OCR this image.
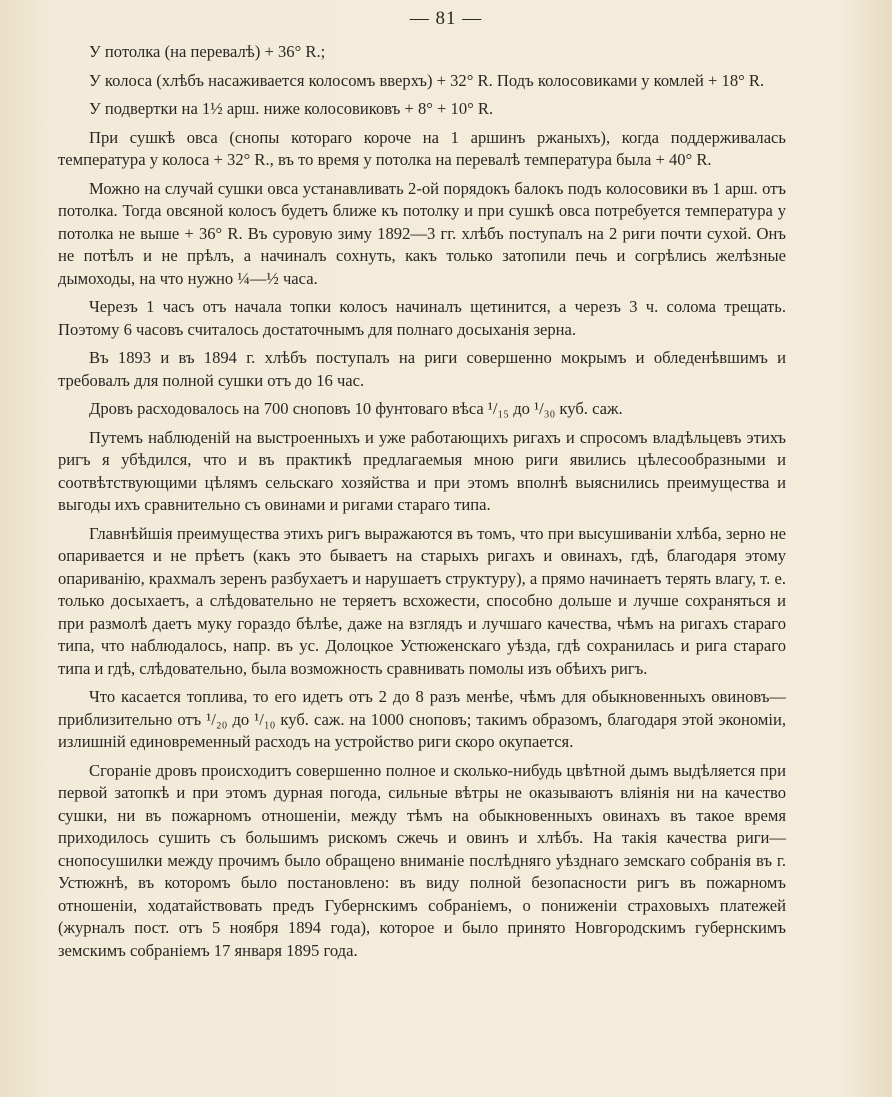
— 81 —

У потолка (на перевалѣ) + 36° R.;

У колоса (хлѣбъ насаживается колосомъ вверхъ) + 32° R. Подъ колосовиками у комлей + 18° R.

У подвертки на 1½ арш. ниже колосовиковъ + 8° + 10° R.

При сушкѣ овса (снопы котораго короче на 1 аршинъ ржаныхъ), когда поддерживалась температура у колоса + 32° R., въ то время у потолка на перевалѣ температура была + 40° R.

Можно на случай сушки овса устанавливать 2-ой порядокъ балокъ подъ колосовики въ 1 арш. отъ потолка. Тогда овсяной колосъ будетъ ближе къ потолку и при сушкѣ овса потребуется температура у потолка не выше + 36° R. Въ суровую зиму 1892—3 гг. хлѣбъ поступалъ на 2 риги почти сухой. Онъ не потѣлъ и не прѣлъ, а начиналъ сохнуть, какъ только затопили печь и согрѣлись желѣзные дымоходы, на что нужно ¼—½ часа.

Черезъ 1 часъ отъ начала топки колосъ начиналъ щетинится, а черезъ 3 ч. солома трещать. Поэтому 6 часовъ считалось достаточнымъ для полнаго досыханія зерна.

Въ 1893 и въ 1894 г. хлѣбъ поступалъ на риги совершенно мокрымъ и обледенѣвшимъ и требовалъ для полной сушки отъ до 16 час.

Дровъ расходовалось на 700 сноповъ 10 фунтоваго вѣса ¹/₁₅ до ¹/₃₀ куб. саж.

Путемъ наблюденій на выстроенныхъ и уже работающихъ ригахъ и спросомъ владѣльцевъ этихъ ригъ я убѣдился, что и въ практикѣ предлагаемыя мною риги явились цѣлесообразными и соотвѣтствующими цѣлямъ сельскаго хозяйства и при этомъ вполнѣ выяснились преимущества и выгоды ихъ сравнительно съ овинами и ригами стараго типа.

Главнѣйшія преимущества этихъ ригъ выражаются въ томъ, что при высушиваніи хлѣба, зерно не опаривается и не прѣетъ (какъ это бываетъ на старыхъ ригахъ и овинахъ, гдѣ, благодаря этому опариванію, крахмалъ зеренъ разбухаетъ и нарушаетъ структуру), а прямо начинаетъ терять влагу, т. е. только досыхаетъ, а слѣдовательно не теряетъ всхожести, способно дольше и лучше сохраняться и при размолѣ даетъ муку гораздо бѣлѣе, даже на взглядъ и лучшаго качества, чѣмъ на ригахъ стараго типа, что наблюдалось, напр. въ ус. Долоцкое Устюженскаго уѣзда, гдѣ сохранилась и рига стараго типа и гдѣ, слѣдовательно, была возможность сравнивать помолы изъ обѣихъ ригъ.

Что касается топлива, то его идетъ отъ 2 до 8 разъ менѣе, чѣмъ для обыкновенныхъ овиновъ—приблизительно отъ ¹/₂₀ до ¹/₁₀ куб. саж. на 1000 сноповъ; такимъ образомъ, благодаря этой экономіи, излишній единовременный расходъ на устройство риги скоро окупается.

Сгораніе дровъ происходитъ совершенно полное и сколько-нибудь цвѣтной дымъ выдѣляется при первой затопкѣ и при этомъ дурная погода, сильные вѣтры не оказываютъ вліянія ни на качество сушки, ни въ пожарномъ отношеніи, между тѣмъ на обыкновенныхъ овинахъ въ такое время приходилось сушить съ большимъ рискомъ сжечь и овинъ и хлѣбъ. На такія качества риги—снопосушилки между прочимъ было обращено вниманіе послѣдняго уѣзднаго земскаго собранія въ г. Устюжнѣ, въ которомъ было постановлено: въ виду полной безопасности ригъ въ пожарномъ отношеніи, ходатайствовать предъ Губернскимъ собраніемъ, о пониженіи страховыхъ платежей (журналъ пост. отъ 5 ноября 1894 года), которое и было принято Новгородскимъ губернскимъ земскимъ собраніемъ 17 января 1895 года.
